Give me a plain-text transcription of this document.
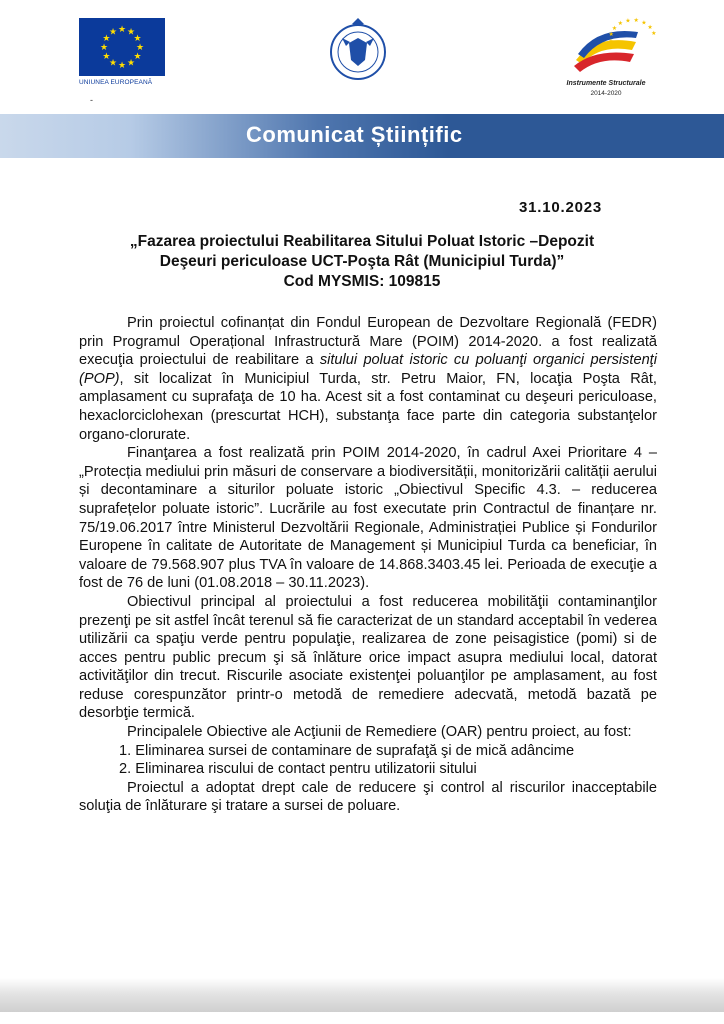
★ ★
★
★
★
★
★
★
★
★
★
★
UNIUNEA EUROPEANĂ
-
★
★
★
★ ★ ★ ★
★
★
Instrumente Structurale
2014-2020
Comunicat Științific
31.10.2023
„Fazarea proiectului Reabilitarea Sitului Poluat Istoric –Depozit
Deşeuri periculoase UCT-Poşta Rât (Municipiul Turda)”
Cod MYSMIS: 109815

Prin proiectul cofinanțat din Fondul European de Dezvoltare Regională (FEDR) prin Programul Operațional Infrastructură Mare (POIM) 2014-2020. a fost realizată execuţia proiectului de reabilitare a sitului poluat istoric cu poluanţi organici persistenţi (POP), sit localizat în Municipiul Turda, str. Petru Maior, FN, locaţia Poşta Rât, amplasament cu suprafaţa de 10 ha. Acest sit a fost contaminat cu deşeuri periculoase, hexaclorciclohexan (prescurtat HCH), substanţa face parte din categoria substanţelor organo-clorurate.

Finanţarea a fost realizată prin POIM 2014-2020, în cadrul Axei Prioritare 4 – „Protecția mediului prin măsuri de conservare a biodiversității, monitorizării calității aerului și decontaminare a siturilor poluate istoric „Obiectivul Specific 4.3. – reducerea suprafețelor poluate istoric”. Lucrările au fost executate prin Contractul de finanțare nr. 75/19.06.2017 între Ministerul Dezvoltării Regionale, Administrației Publice și Fondurilor Europene în calitate de Autoritate de Management și Municipiul Turda ca beneficiar, în valoare de 79.568.907 plus TVA în valoare de 14.868.3403.45 lei. Perioada de execuţie a fost de 76 de luni (01.08.2018 – 30.11.2023).

Obiectivul principal al proiectului a fost reducerea mobilităţii contaminanţilor prezenţi pe sit astfel încât terenul să fie caracterizat de un standard acceptabil în vederea utilizării ca spaţiu verde pentru populaţie, realizarea de zone peisagistice (pomi) si de acces pentru public precum şi să înlăture orice impact asupra mediului local, datorat activităţilor din trecut. Riscurile asociate existenţei poluanţilor pe amplasament, au fost reduse corespunzător printr-o metodă de remediere adecvată, metodă bazată pe desorbţie termică.

Principalele Obiective ale Acţiunii de Remediere (OAR) pentru proiect, au fost:

1. Eliminarea sursei de contaminare de suprafaţă şi de mică adâncime

2. Eliminarea riscului de contact pentru utilizatorii sitului

Proiectul a adoptat drept cale de reducere şi control al riscurilor inacceptabile soluţia de înlăturare şi tratare a sursei de poluare.
